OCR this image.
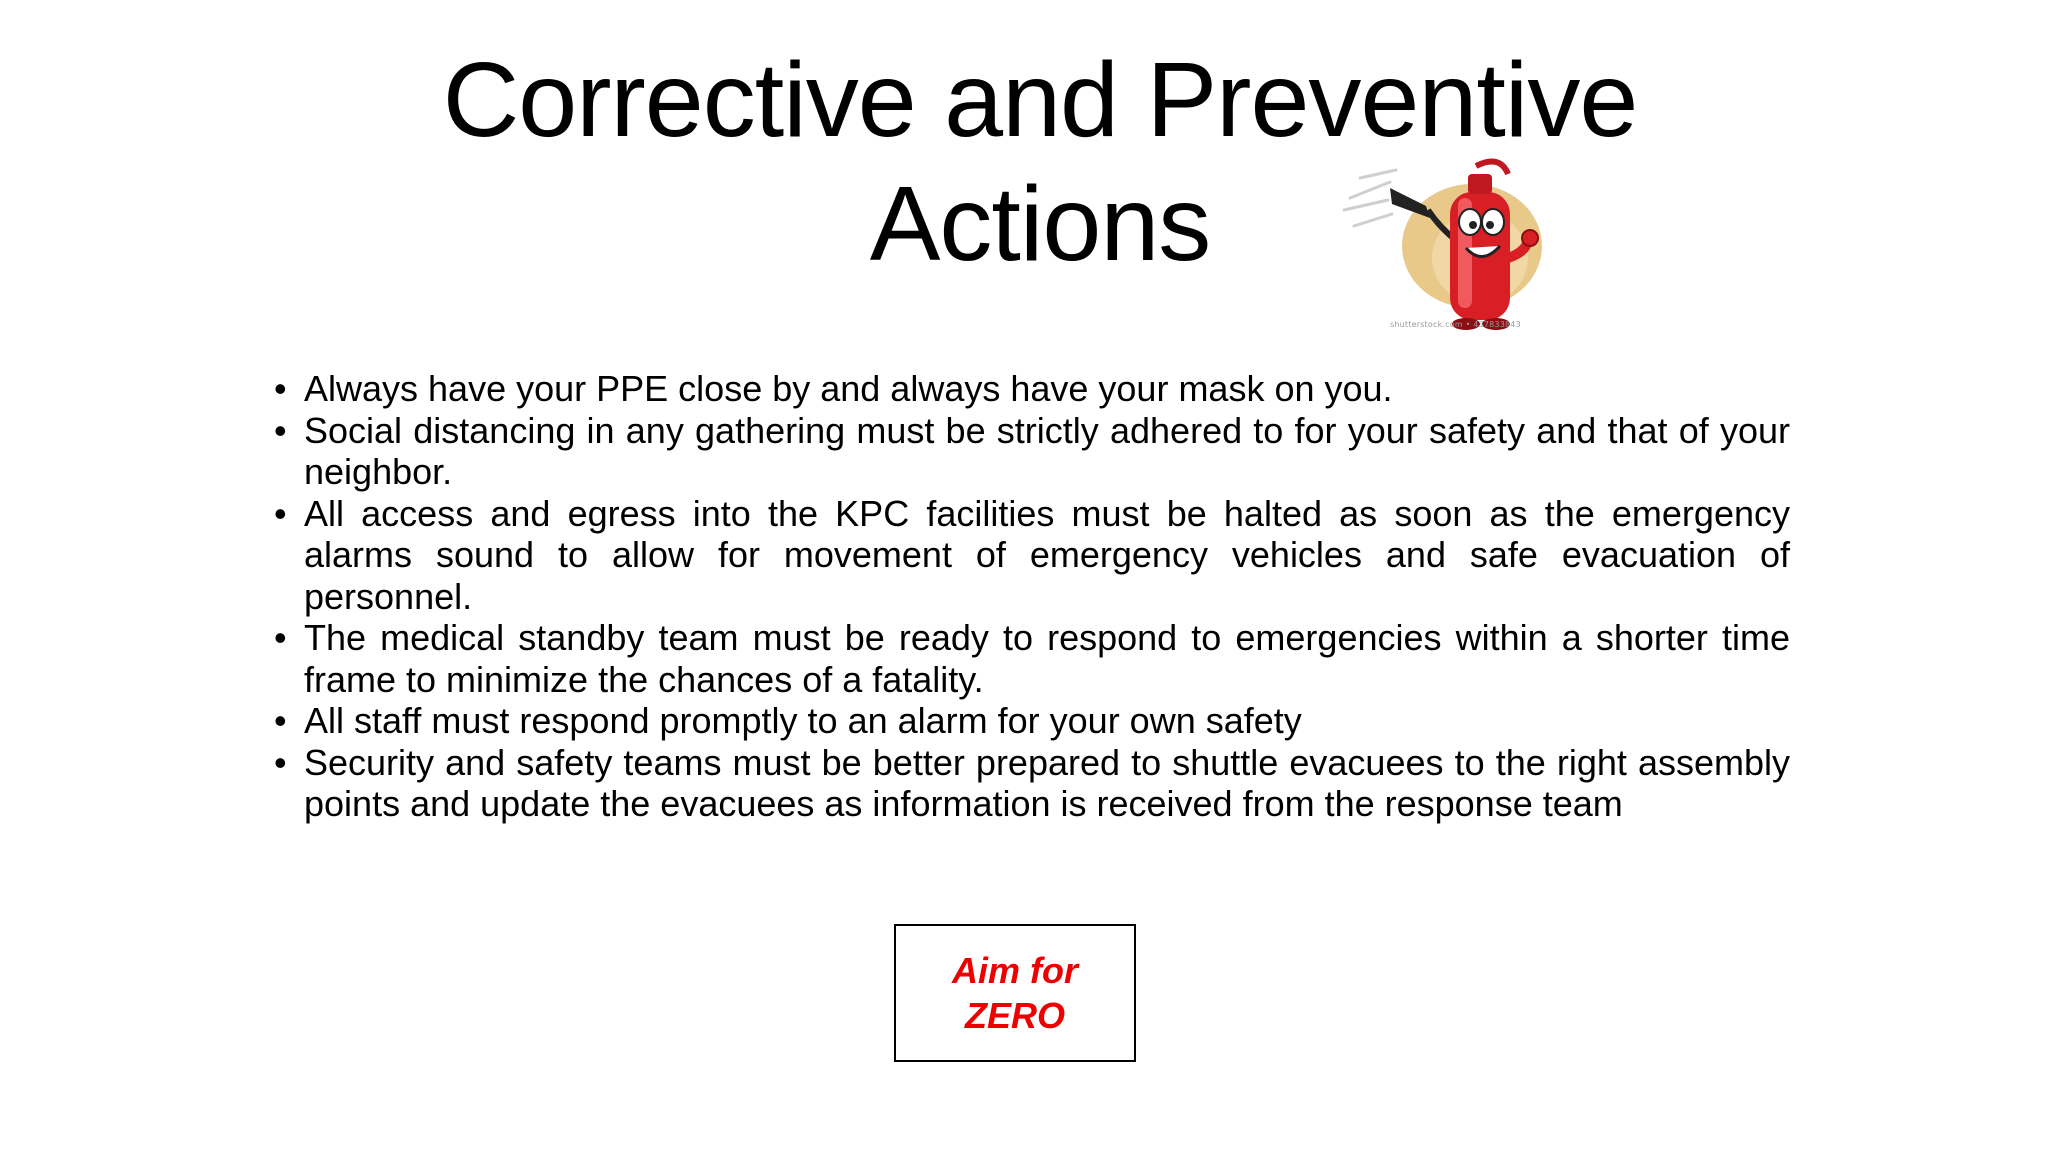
Corrective and Preventive
Actions
shutterstock.com • 437833843
• Always have your PPE close by and always have your mask on you.
• Social distancing in any gathering must be strictly adhered to for your safety and that of your neighbor.
• All access and egress into the KPC facilities must be halted as soon as the emergency alarms sound to allow for movement of emergency vehicles and safe evacuation of personnel.
• The medical standby team must be ready to respond to emergencies within a shorter time frame to minimize the chances of a fatality.
• All staff must respond promptly to an alarm for your own safety
• Security and safety teams must be better prepared to shuttle evacuees to the right assembly points and update the evacuees as information is received from the response team
Aim for
ZERO
